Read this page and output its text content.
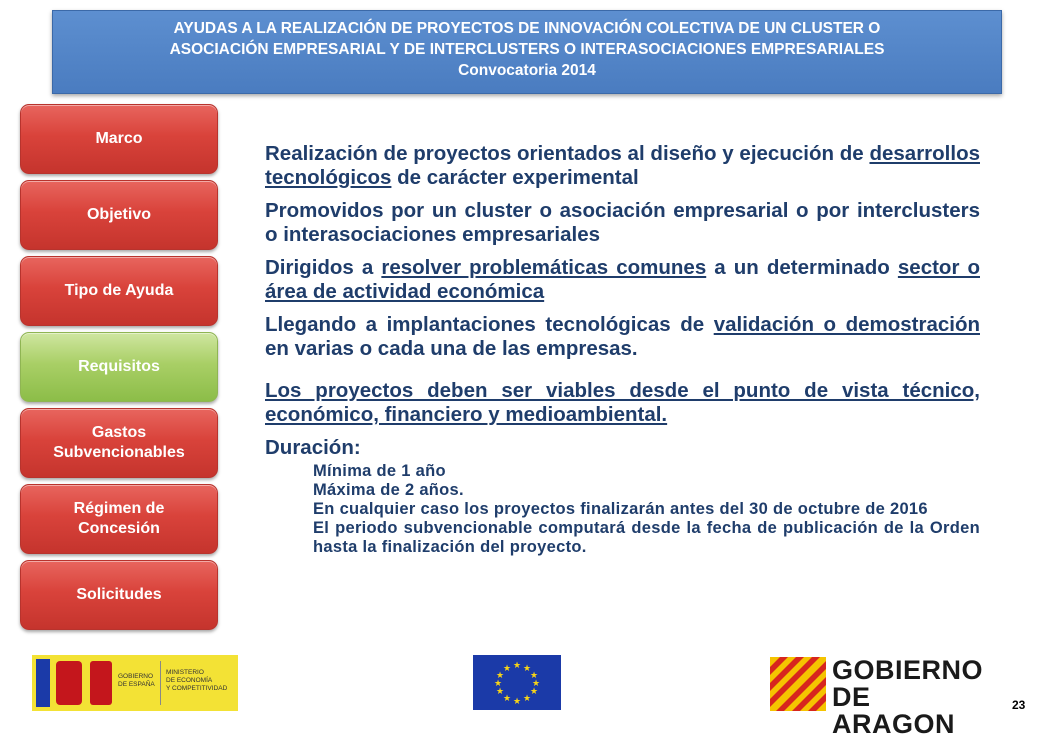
AYUDAS A LA REALIZACIÓN DE PROYECTOS DE INNOVACIÓN COLECTIVA DE UN CLUSTER O
ASOCIACIÓN EMPRESARIAL Y DE INTERCLUSTERS O INTERASOCIACIONES EMPRESARIALES
Convocatoria 2014
Marco
Objetivo
Tipo de Ayuda
Requisitos
Gastos
Subvencionables
Régimen de
Concesión
Solicitudes

Realización de proyectos orientados al diseño y ejecución de desarrollos tecnológicos de carácter experimental

Promovidos por un cluster o asociación empresarial o por interclusters o interasociaciones empresariales

Dirigidos a resolver problemáticas comunes a un determinado sector o área de actividad económica

Llegando a implantaciones tecnológicas de validación o demostración en varias o cada una de las empresas.

Los proyectos deben ser viables desde el punto de vista técnico, económico, financiero y medioambiental.

Duración:

Mínima de 1 año

Máxima de 2 años.

En cualquier caso los proyectos finalizarán antes del 30 de octubre de 2016

El periodo subvencionable computará desde la fecha de publicación de la Orden hasta la finalización del proyecto.

GOBIERNO
DE ESPAÑA
MINISTERIO
DE ECONOMÍA
Y COMPETITIVIDAD
★ ★
★
★
★
★
★
★
★
★
★
★	GOBIERNO
DE ARAGON
23
